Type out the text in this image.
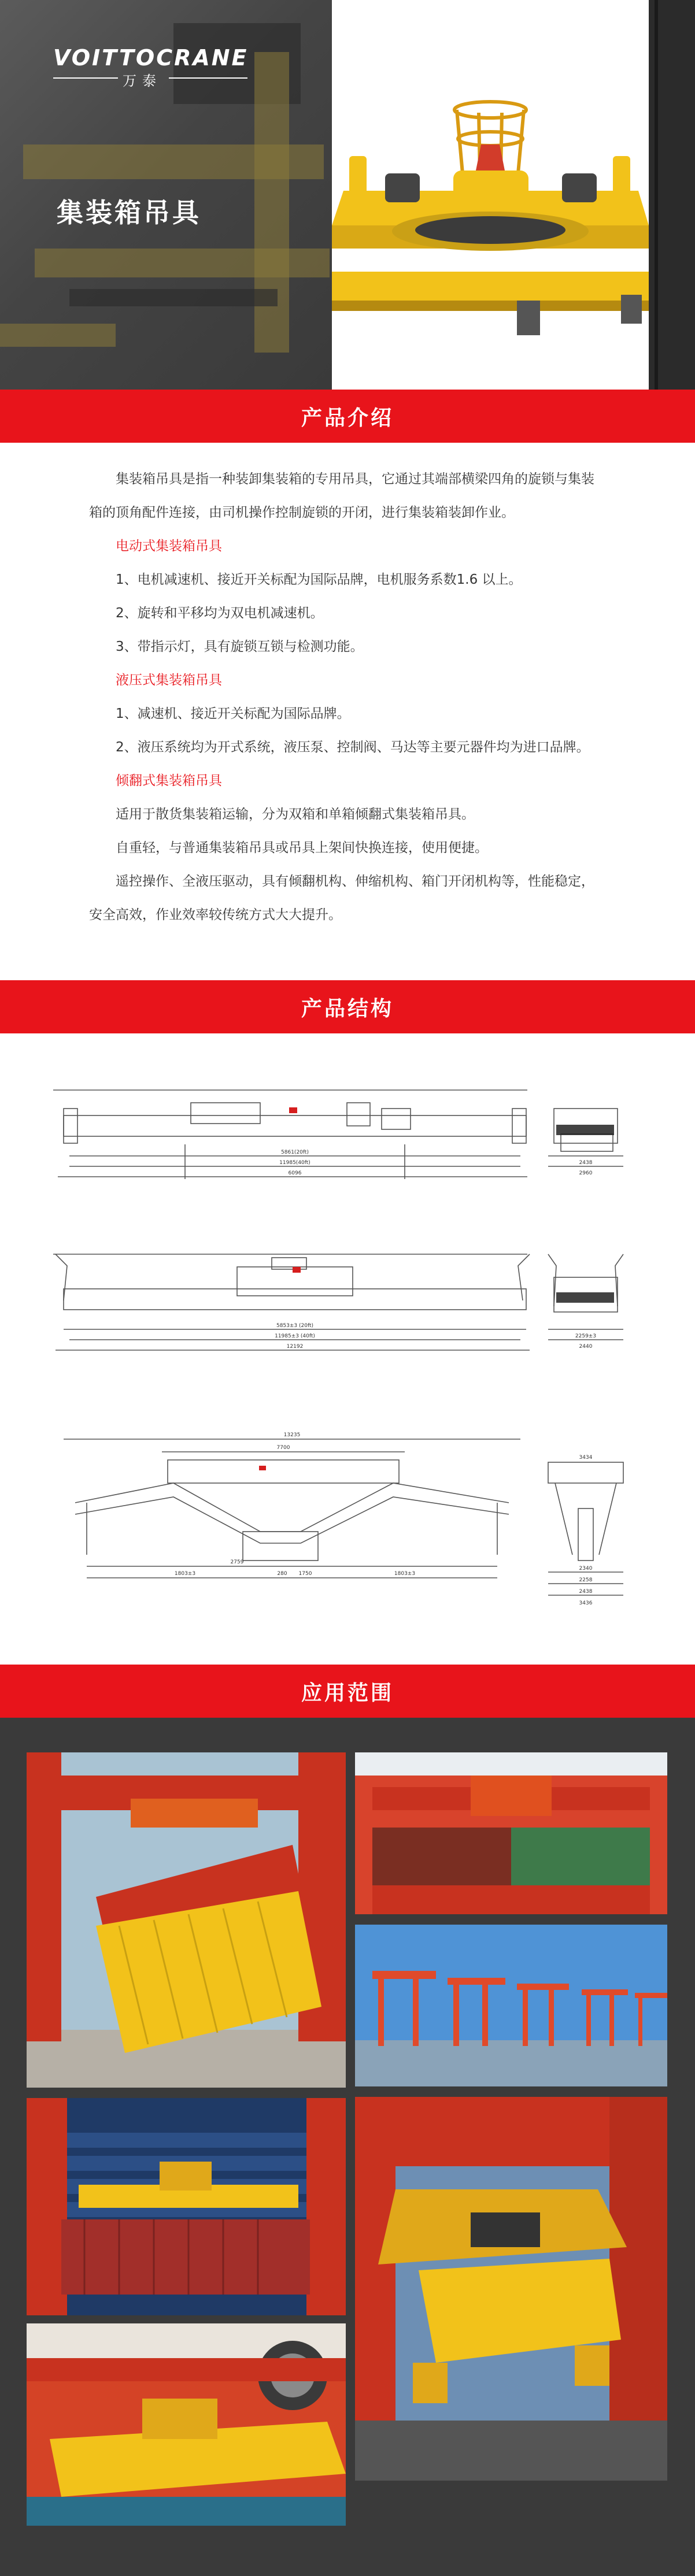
VOITTOCRANE
万泰
集装箱吊具
产品介绍

集装箱吊具是指一种装卸集装箱的专用吊具，它通过其端部横梁四角的旋锁与集装箱的顶角配件连接，由司机操作控制旋锁的开闭，进行集装箱装卸作业。

电动式集装箱吊具

1、电机减速机、接近开关标配为国际品牌，电机服务系数1.6 以上。

2、旋转和平移均为双电机减速机。

3、带指示灯，具有旋锁互锁与检测功能。

液压式集装箱吊具

1、减速机、接近开关标配为国际品牌。

2、液压系统均为开式系统，液压泵、控制阀、马达等主要元器件均为进口品牌。

倾翻式集装箱吊具

适用于散货集装箱运输，分为双箱和单箱倾翻式集装箱吊具。

自重轻，与普通集装箱吊具或吊具上架间快换连接，使用便捷。

遥控操作、全液压驱动，具有倾翻机构、伸缩机构、箱门开闭机构等，性能稳定，安全高效，作业效率较传统方式大大提升。

产品结构
5861(20ft)
11985(40ft)
6096
2438
2960
5853±3 (20ft)
11985±3 (40ft)
12192
2259±3
2440
13235
7700
1803±3
2759
280 1750	1803±3
3434
2340
2258
2438
3436
应用范围
